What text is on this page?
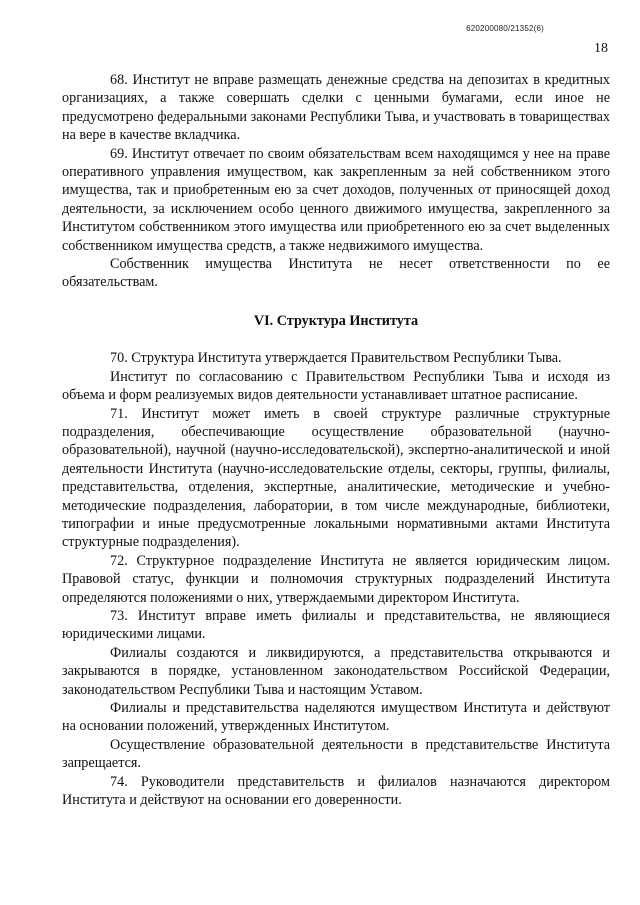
620200080/21352(6)
18

68. Институт не вправе размещать денежные средства на депозитах в кредитных организациях, а также совершать сделки с ценными бумагами, если иное не предусмотрено федеральными законами Республики Тыва, и участвовать в товариществах на вере в качестве вкладчика.

69. Институт отвечает по своим обязательствам всем находящимся у нее на праве оперативного управления имуществом, как закрепленным за ней собственником этого имущества, так и приобретенным ею за счет доходов, полученных от приносящей доход деятельности, за исключением особо ценного движимого имущества, закрепленного за Институтом собственником этого имущества или приобретенного ею за счет выделенных собственником имущества средств, а также недвижимого имущества.

Собственник имущества Института не несет ответственности по ее обязательствам.

VI. Структура Института

70. Структура Института утверждается Правительством Республики Тыва.

Институт по согласованию с Правительством Республики Тыва и исходя из объема и форм реализуемых видов деятельности устанавливает штатное расписание.

71. Институт может иметь в своей структуре различные структурные подразделения, обеспечивающие осуществление образовательной (научно-образовательной), научной (научно-исследовательской), экспертно-аналитической и иной деятельности Института (научно-исследовательские отделы, секторы, группы, филиалы, представительства, отделения, экспертные, аналитические, методические и учебно-методические подразделения, лаборатории, в том числе международные, библиотеки, типографии и иные предусмотренные локальными нормативными актами Института структурные подразделения).

72. Структурное подразделение Института не является юридическим лицом. Правовой статус, функции и полномочия структурных подразделений Института определяются положениями о них, утверждаемыми директором Института.

73. Институт вправе иметь филиалы и представительства, не являющиеся юридическими лицами.

Филиалы создаются и ликвидируются, а представительства открываются и закрываются в порядке, установленном законодательством Российской Федерации, законодательством Республики Тыва и настоящим Уставом.

Филиалы и представительства наделяются имуществом Института и действуют на основании положений, утвержденных Институтом.

Осуществление образовательной деятельности в представительстве Института запрещается.

74. Руководители представительств и филиалов назначаются директором Института и действуют на основании его доверенности.
